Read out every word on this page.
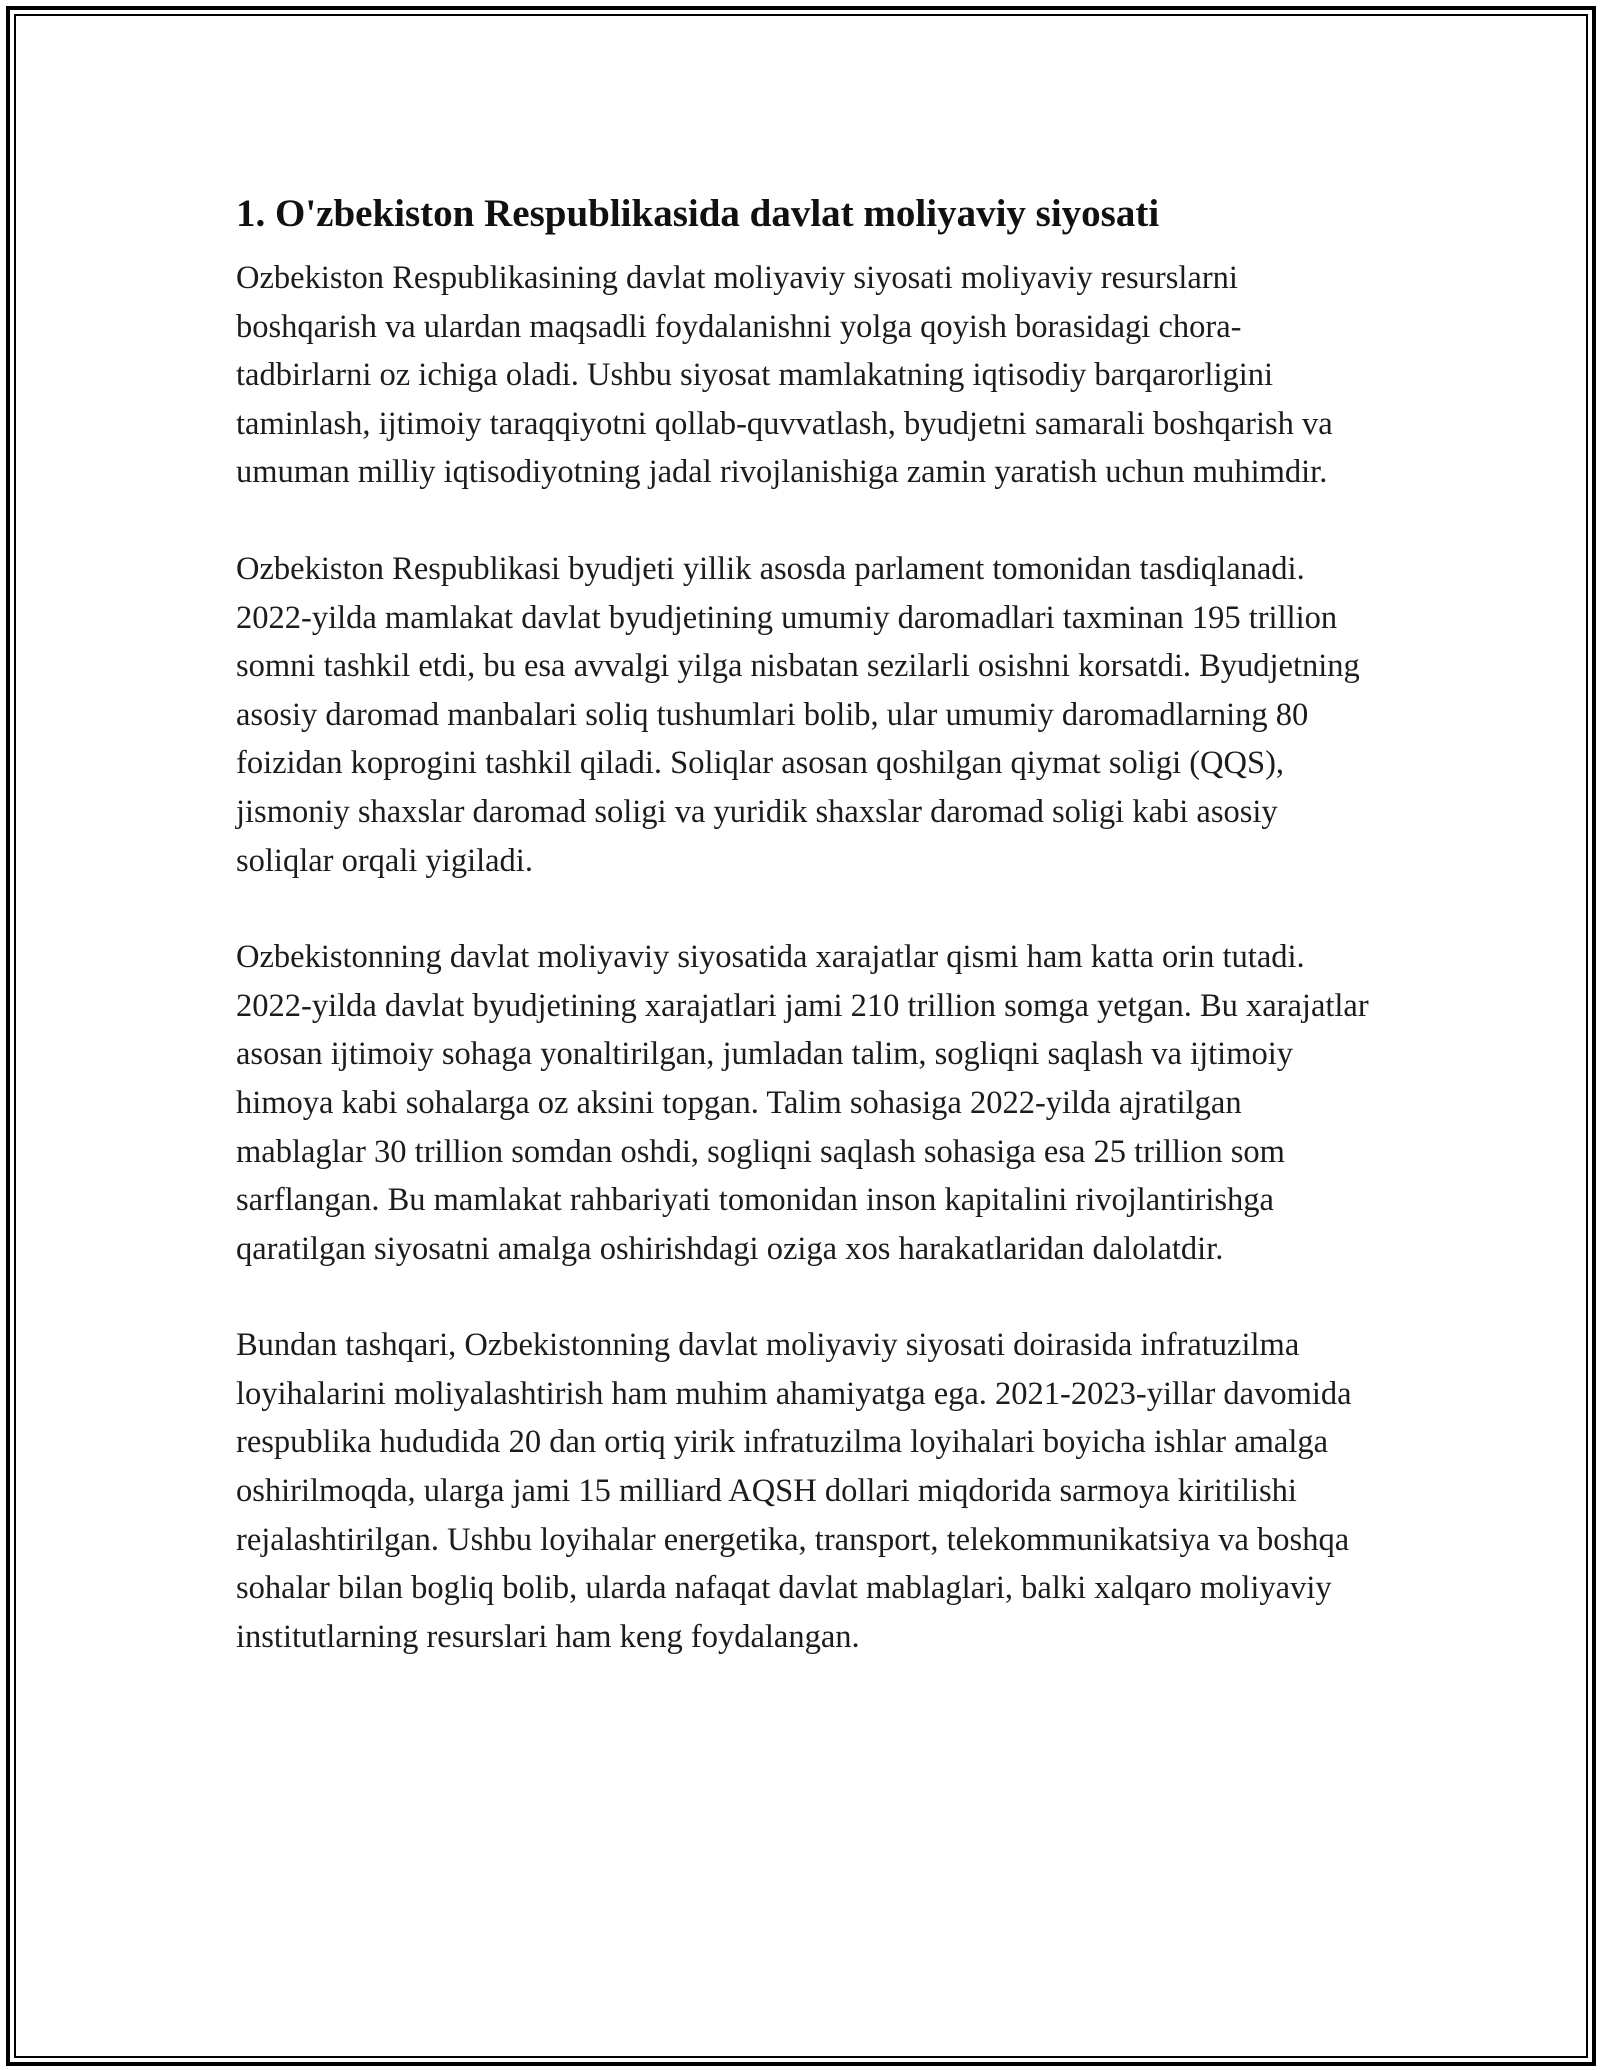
1. O'zbekiston Respublikasida davlat moliyaviy siyosati

Ozbekiston Respublikasining davlat moliyaviy siyosati moliyaviy resurslarni boshqarish va ulardan maqsadli foydalanishni yolga qoyish borasidagi chora-tadbirlarni oz ichiga oladi. Ushbu siyosat mamlakatning iqtisodiy barqarorligini taminlash, ijtimoiy taraqqiyotni qollab-quvvatlash, byudjetni samarali boshqarish va umuman milliy iqtisodiyotning jadal rivojlanishiga zamin yaratish uchun muhimdir.

Ozbekiston Respublikasi byudjeti yillik asosda parlament tomonidan tasdiqlanadi. 2022-yilda mamlakat davlat byudjetining umumiy daromadlari taxminan 195 trillion somni tashkil etdi, bu esa avvalgi yilga nisbatan sezilarli osishni korsatdi. Byudjetning asosiy daromad manbalari soliq tushumlari bolib, ular umumiy daromadlarning 80 foizidan koprogini tashkil qiladi. Soliqlar asosan qoshilgan qiymat soligi (QQS), jismoniy shaxslar daromad soligi va yuridik shaxslar daromad soligi kabi asosiy soliqlar orqali yigiladi.

Ozbekistonning davlat moliyaviy siyosatida xarajatlar qismi ham katta orin tutadi. 2022-yilda davlat byudjetining xarajatlari jami 210 trillion somga yetgan. Bu xarajatlar asosan ijtimoiy sohaga yonaltirilgan, jumladan talim, sogliqni saqlash va ijtimoiy himoya kabi sohalarga oz aksini topgan. Talim sohasiga 2022-yilda ajratilgan mablaglar 30 trillion somdan oshdi, sogliqni saqlash sohasiga esa 25 trillion som sarflangan. Bu mamlakat rahbariyati tomonidan inson kapitalini rivojlantirishga qaratilgan siyosatni amalga oshirishdagi oziga xos harakatlaridan dalolatdir.

Bundan tashqari, Ozbekistonning davlat moliyaviy siyosati doirasida infratuzilma loyihalarini moliyalashtirish ham muhim ahamiyatga ega. 2021-2023-yillar davomida respublika hududida 20 dan ortiq yirik infratuzilma loyihalari boyicha ishlar amalga oshirilmoqda, ularga jami 15 milliard AQSH dollari miqdorida sarmoya kiritilishi rejalashtirilgan. Ushbu loyihalar energetika, transport, telekommunikatsiya va boshqa sohalar bilan bogliq bolib, ularda nafaqat davlat mablaglari, balki xalqaro moliyaviy institutlarning resurslari ham keng foydalangan.
